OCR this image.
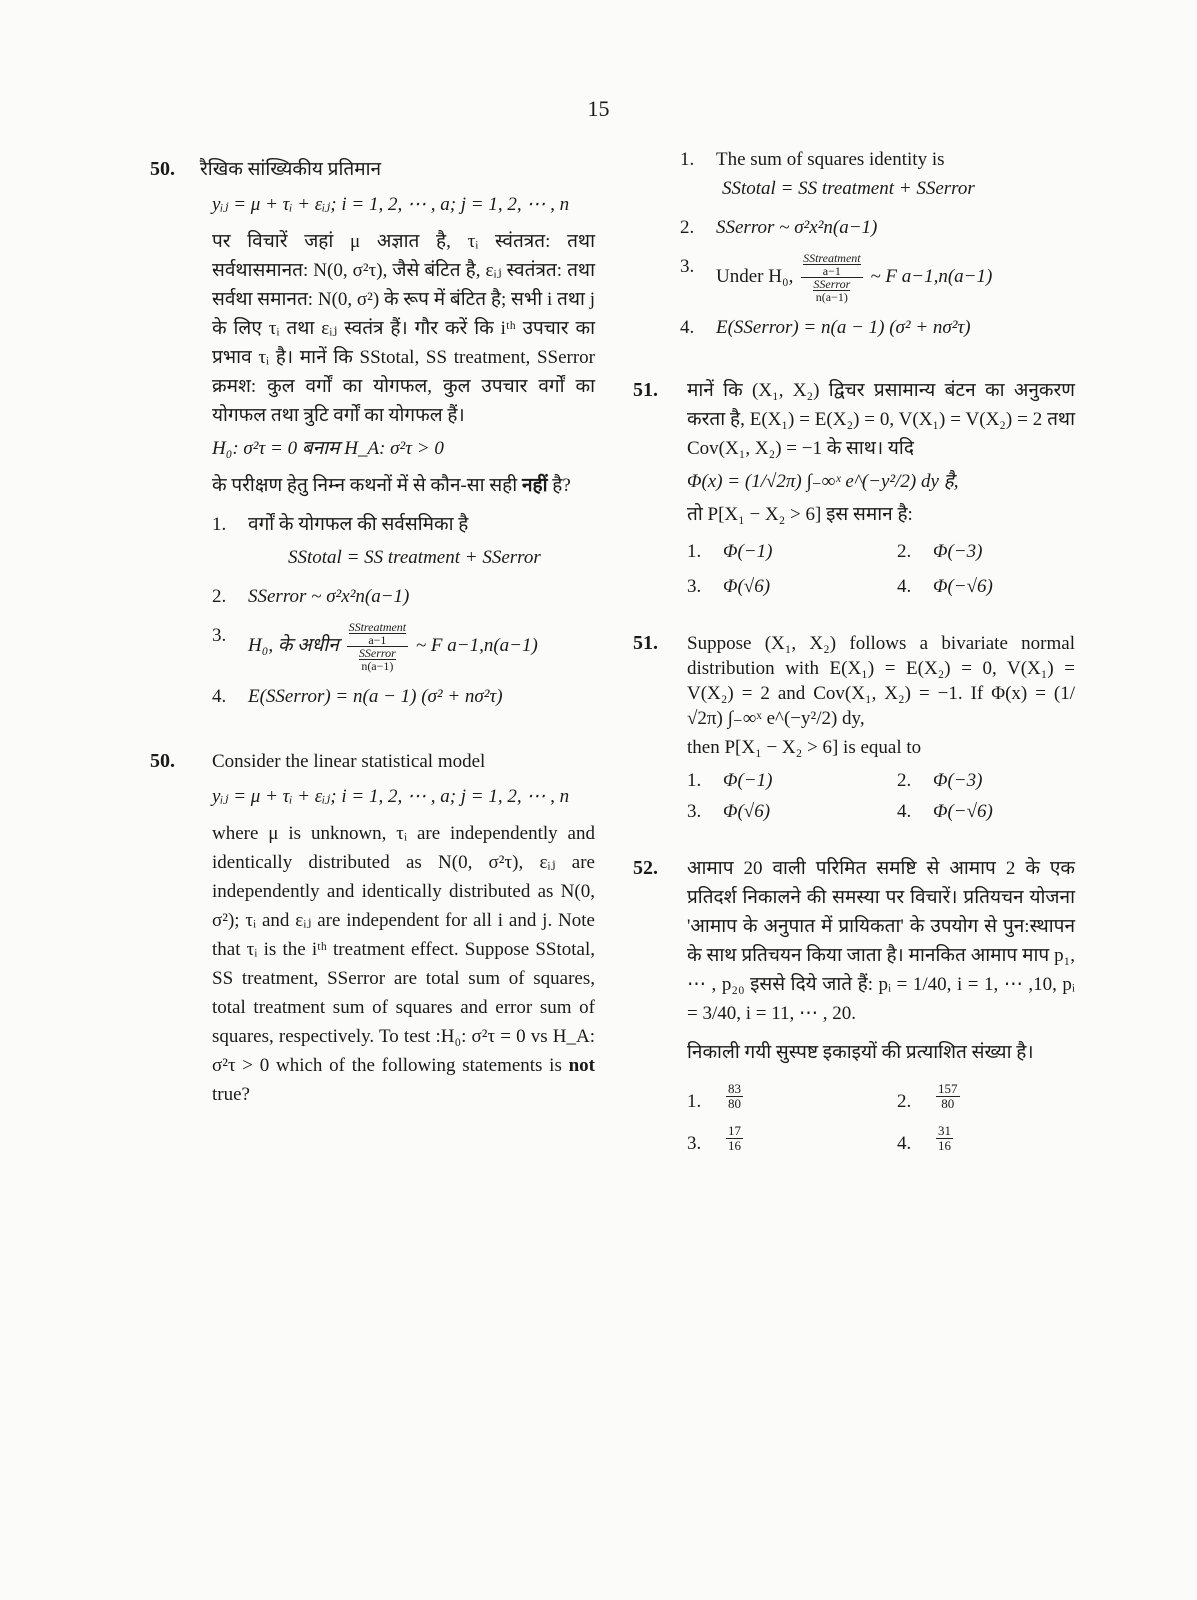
15
50. रैखिक सांख्यिकीय प्रतिमान
yᵢⱼ = μ + τᵢ + εᵢⱼ; i = 1, 2, ⋯ , a; j = 1, 2, ⋯ , n
पर विचारें जहां μ अज्ञात है, τᵢ स्वंतत्रत: तथा सर्वथासमानत: N(0, σ²τ), जैसे बंटित है, εᵢⱼ स्वतंत्रत: तथा सर्वथा समानत: N(0, σ²) के रूप में बंटित है; सभी i तथा j के लिए τᵢ तथा εᵢⱼ स्वतंत्र हैं। गौर करें कि iᵗʰ उपचार का प्रभाव τᵢ है। मानें कि SStotal, SS treatment, SSerror क्रमश: कुल वर्गों का योगफल, कुल उपचार वर्गों का योगफल तथा त्रुटि वर्गों का योगफल हैं।
H₀: σ²τ = 0 बनाम H_A: σ²τ > 0
के परीक्षण हेतु निम्न कथनों में से कौन-सा सही नहीं है?
1. वर्गों के योगफल की सर्वसमिका है
SStotal = SS treatment + SSerror
2. SSerror ~ σ²x²n(a−1)
3. H₀, के अधीन SStreatment
a−1
SSerror
n(a−1) ~ F a−1,n(a−1)
4. E(SSerror) = n(a − 1) (σ² + nσ²τ)
50. Consider the linear statistical model
yᵢⱼ = μ + τᵢ + εᵢⱼ; i = 1, 2, ⋯ , a; j = 1, 2, ⋯ , n
where μ is unknown, τᵢ are independently and identically distributed as N(0, σ²τ), εᵢⱼ are independently and identically distributed as N(0, σ²); τᵢ and εᵢⱼ are independent for all i and j. Note that τᵢ is the iᵗʰ treatment effect. Suppose SStotal, SS treatment, SSerror are total sum of squares, total treatment sum of squares and error sum of squares, respectively. To test :H₀: σ²τ = 0 vs H_A: σ²τ > 0 which of the following statements is not true?
1. The sum of squares identity is
SStotal = SS treatment + SSerror
2. SSerror ~ σ²x²n(a−1)
3. Under H₀, SStreatment
a−1
SSerror
n(a−1) ~ F a−1,n(a−1)
4. E(SSerror) = n(a − 1) (σ² + nσ²τ)
51. मानें कि (X₁, X₂) द्विचर प्रसामान्य बंटन का अनुकरण करता है, E(X₁) = E(X₂) = 0, V(X₁) = V(X₂) = 2 तथा Cov(X₁, X₂) = −1 के साथ। यदि
Φ(x) = (1/√2π) ∫₋∞ˣ e^(−y²/2) dy है,
तो P[X₁ − X₂ > 6] इस समान है:
1. Φ(−1)	2. Φ(−3)
3. Φ(√6)	4. Φ(−√6)
51. Suppose (X₁, X₂) follows a bivariate normal distribution with E(X₁) = E(X₂) = 0, V(X₁) = V(X₂) = 2 and Cov(X₁, X₂) = −1. If Φ(x) = (1/√2π) ∫₋∞ˣ e^(−y²/2) dy,
then P[X₁ − X₂ > 6] is equal to
1. Φ(−1)	2. Φ(−3)
3. Φ(√6)	4. Φ(−√6)
52. आमाप 20 वाली परिमित समष्टि से आमाप 2 के एक प्रतिदर्श निकालने की समस्या पर विचारें। प्रतियचन योजना 'आमाप के अनुपात में प्रायिकता' के उपयोग से पुन:स्थापन के साथ प्रतिचयन किया जाता है। मानकित आमाप माप p₁, ⋯ , p₂₀ इससे दिये जाते हैं: pᵢ = 1/40, i = 1, ⋯ ,10, pᵢ = 3/40, i = 11, ⋯ , 20.
निकाली गयी सुस्पष्ट इकाइयों की प्रत्याशित संख्या है।
1. $\frac{83}{80}$	2. $\frac{157}{80}$
3. $\frac{17}{16}$	4. $\frac{31}{16}$
